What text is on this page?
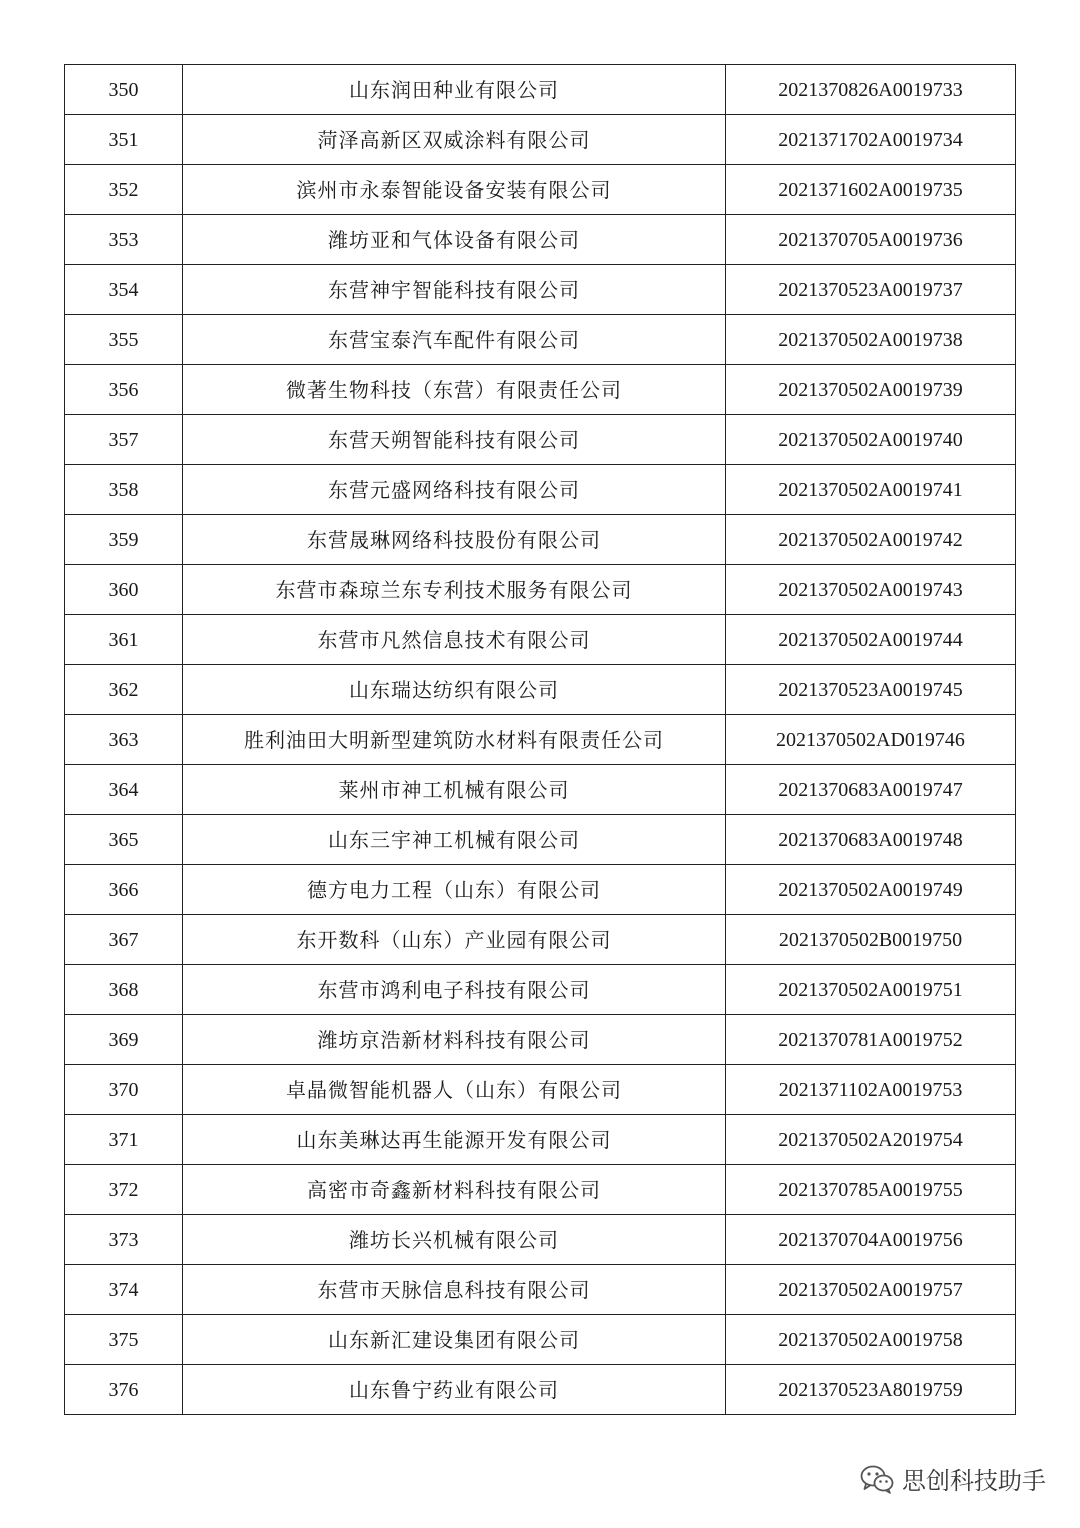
350	山东润田种业有限公司	2021370826A0019733
351	菏泽高新区双威涂料有限公司	2021371702A0019734
352	滨州市永泰智能设备安装有限公司	2021371602A0019735
353	潍坊亚和气体设备有限公司	2021370705A0019736
354	东营神宇智能科技有限公司	2021370523A0019737
355	东营宝泰汽车配件有限公司	2021370502A0019738
356	微著生物科技（东营）有限责任公司	2021370502A0019739
357	东营天朔智能科技有限公司	2021370502A0019740
358	东营元盛网络科技有限公司	2021370502A0019741
359	东营晟琳网络科技股份有限公司	2021370502A0019742
360	东营市森琼兰东专利技术服务有限公司	2021370502A0019743
361	东营市凡然信息技术有限公司	2021370502A0019744
362	山东瑞达纺织有限公司	2021370523A0019745
363	胜利油田大明新型建筑防水材料有限责任公司	2021370502AD019746
364	莱州市神工机械有限公司	2021370683A0019747
365	山东三宇神工机械有限公司	2021370683A0019748
366	德方电力工程（山东）有限公司	2021370502A0019749
367	东开数科（山东）产业园有限公司	2021370502B0019750
368	东营市鸿利电子科技有限公司	2021370502A0019751
369	潍坊京浩新材料科技有限公司	2021370781A0019752
370	卓晶微智能机器人（山东）有限公司	2021371102A0019753
371	山东美琳达再生能源开发有限公司	2021370502A2019754
372	高密市奇鑫新材料科技有限公司	2021370785A0019755
373	潍坊长兴机械有限公司	2021370704A0019756
374	东营市天脉信息科技有限公司	2021370502A0019757
375	山东新汇建设集团有限公司	2021370502A0019758
376	山东鲁宁药业有限公司	2021370523A8019759
思创科技助手
